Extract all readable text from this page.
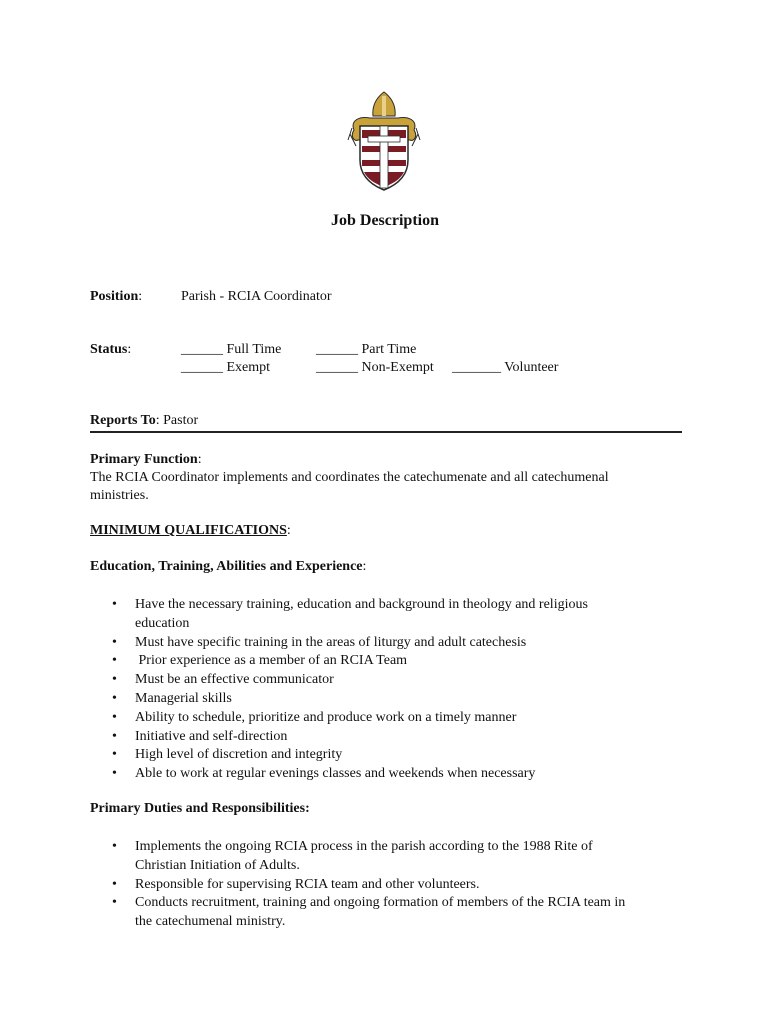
Job Description
Position:	Parish - RCIA Coordinator
Status:	______ Full Time ______ Part Time
______ Exempt	______ Non-Exempt _______ Volunteer
Reports To: Pastor
Primary Function:
The RCIA Coordinator implements and coordinates the catechumenate and all catechumenal
ministries.
MINIMUM QUALIFICATIONS:
Education, Training, Abilities and Experience:
• Have the necessary training, education and background in theology and religious
education
• Must have specific training in the areas of liturgy and adult catechesis
•  Prior experience as a member of an RCIA Team
• Must be an effective communicator
• Managerial skills
• Ability to schedule, prioritize and produce work on a timely manner
• Initiative and self-direction
• High level of discretion and integrity
• Able to work at regular evenings classes and weekends when necessary
Primary Duties and Responsibilities:
• Implements the ongoing RCIA process in the parish according to the 1988 Rite of
Christian Initiation of Adults.
• Responsible for supervising RCIA team and other volunteers.
• Conducts recruitment, training and ongoing formation of members of the RCIA team in
the catechumenal ministry.
